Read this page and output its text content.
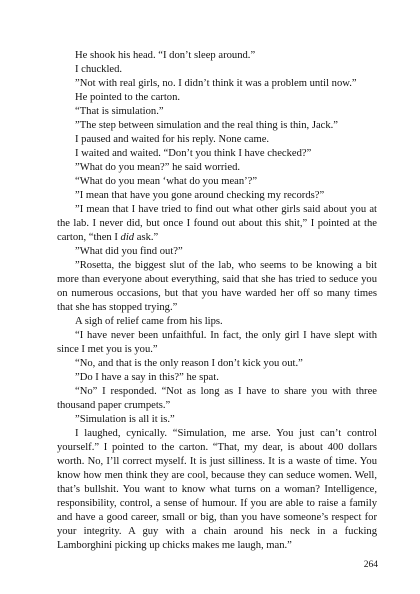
He shook his head. “I don’t sleep around.”

I chuckled.

”Not with real girls, no. I didn’t think it was a problem until now.”

He pointed to the carton.

“That is simulation.”

”The step between simulation and the real thing is thin, Jack.”

I paused and waited for his reply. None came.

I waited and waited. “Don’t you think I have checked?”

”What do you mean?” he said worried.

“What do you mean ‘what do you mean’?”

”I mean that have you gone around checking my records?”

”I mean that I have tried to find out what other girls said about you at the lab. I never did, but once I found out about this shit,” I pointed at the carton, “then I did ask.”

”What did you find out?”

”Rosetta, the biggest slut of the lab, who seems to be knowing a bit more than everyone about everything, said that she has tried to seduce you on numerous occasions, but that you have warded her off so many times that she has stopped trying.”

A sigh of relief came from his lips.

“I have never been unfaithful. In fact, the only girl I have slept with since I met you is you.”

“No, and that is the only reason I don’t kick you out.”

”Do I have a say in this?” he spat.

“No” I responded. “Not as long as I have to share you with three thousand paper crumpets.”

”Simulation is all it is.”

I laughed, cynically. “Simulation, me arse. You just can’t control yourself.” I pointed to the carton. “That, my dear, is about 400 dollars worth. No, I’ll correct myself. It is just silliness. It is a waste of time. You know how men think they are cool, because they can seduce women. Well, that’s bullshit. You want to know what turns on a woman? Intelligence, responsibility, control, a sense of humour. If you are able to raise a family and have a good career, small or big, than you have someone’s respect for your integrity. A guy with a chain around his neck in a fucking Lamborghini picking up chicks makes me laugh, man.”

264
